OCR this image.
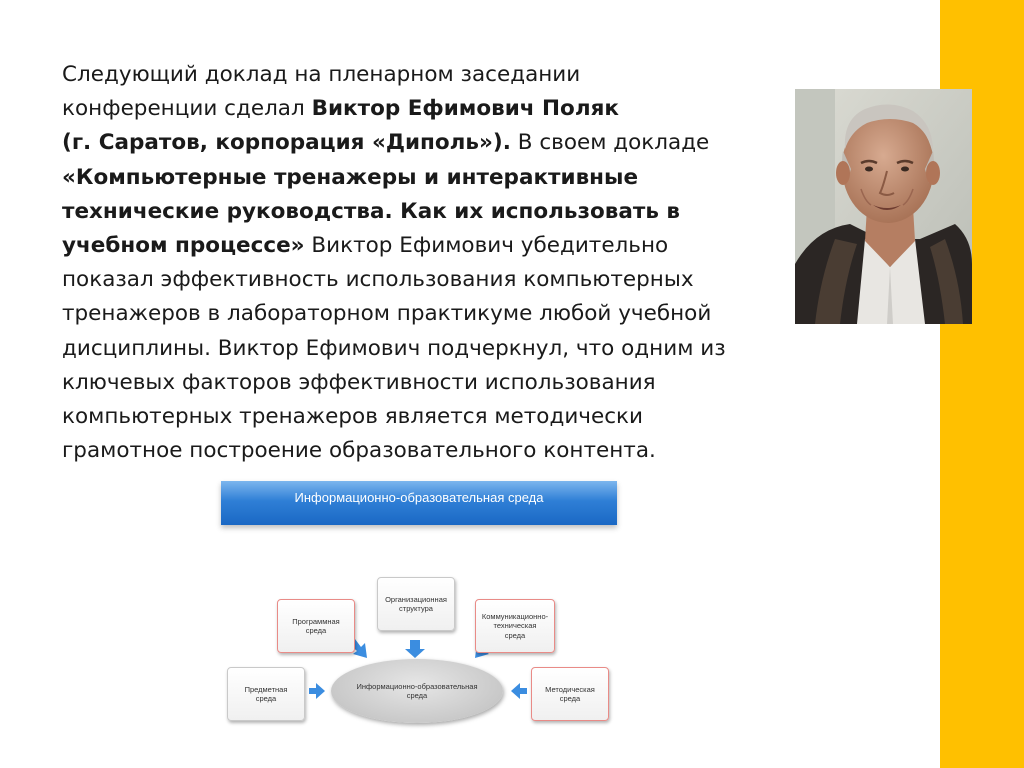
Следующий доклад на пленарном заседании
конференции сделал Виктор Ефимович Поляк
(г. Саратов, корпорация «Диполь»). В своем докладе
«Компьютерные тренажеры и интерактивные
технические руководства. Как их использовать в
учебном процессе» Виктор Ефимович убедительно
показал эффективность использования компьютерных
тренажеров в лабораторном практикуме любой учебной
дисциплины. Виктор Ефимович подчеркнул, что одним из
ключевых факторов эффективности использования
компьютерных тренажеров является методически
грамотное построение образовательного контента.
Информационно-образовательная среда
Организационная
структура
Программная
среда
Коммуникационно-
техническая
среда
Предметная
среда
Методическая
среда
Информационно-образовательная
среда
